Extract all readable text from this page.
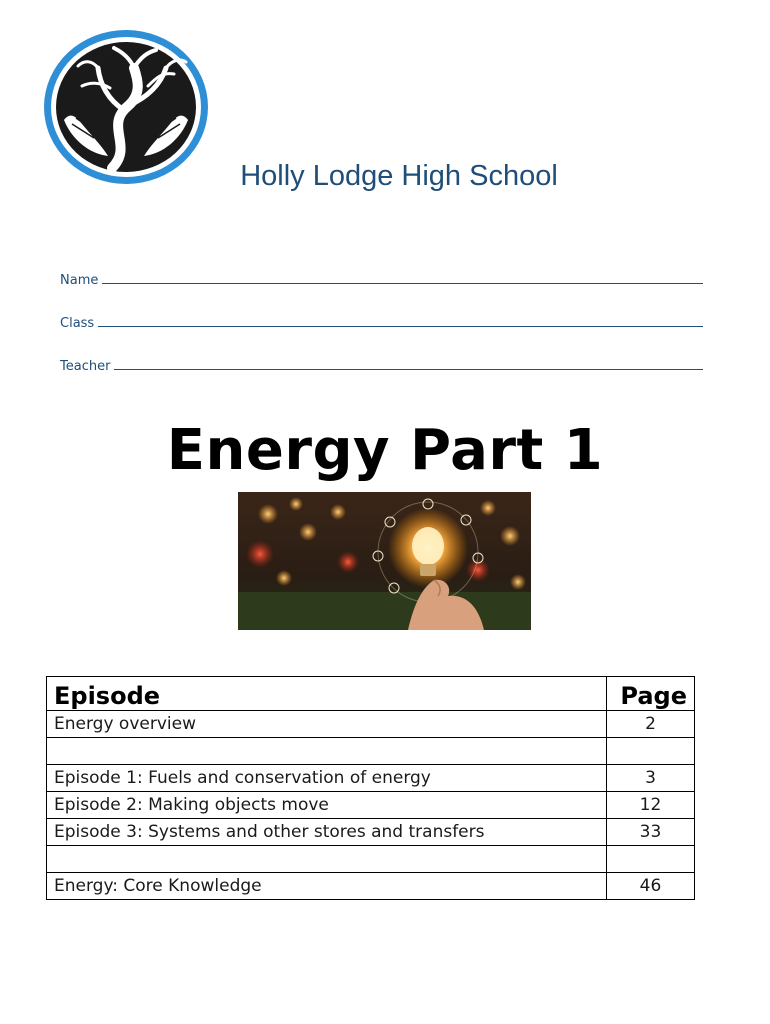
Holly Lodge High School
Name
Class
Teacher
Energy Part 1
Episode	Page
Energy overview	2

Episode 1: Fuels and conservation of energy	3
Episode 2: Making objects move	12
Episode 3: Systems and other stores and transfers	33

Energy: Core Knowledge	46
